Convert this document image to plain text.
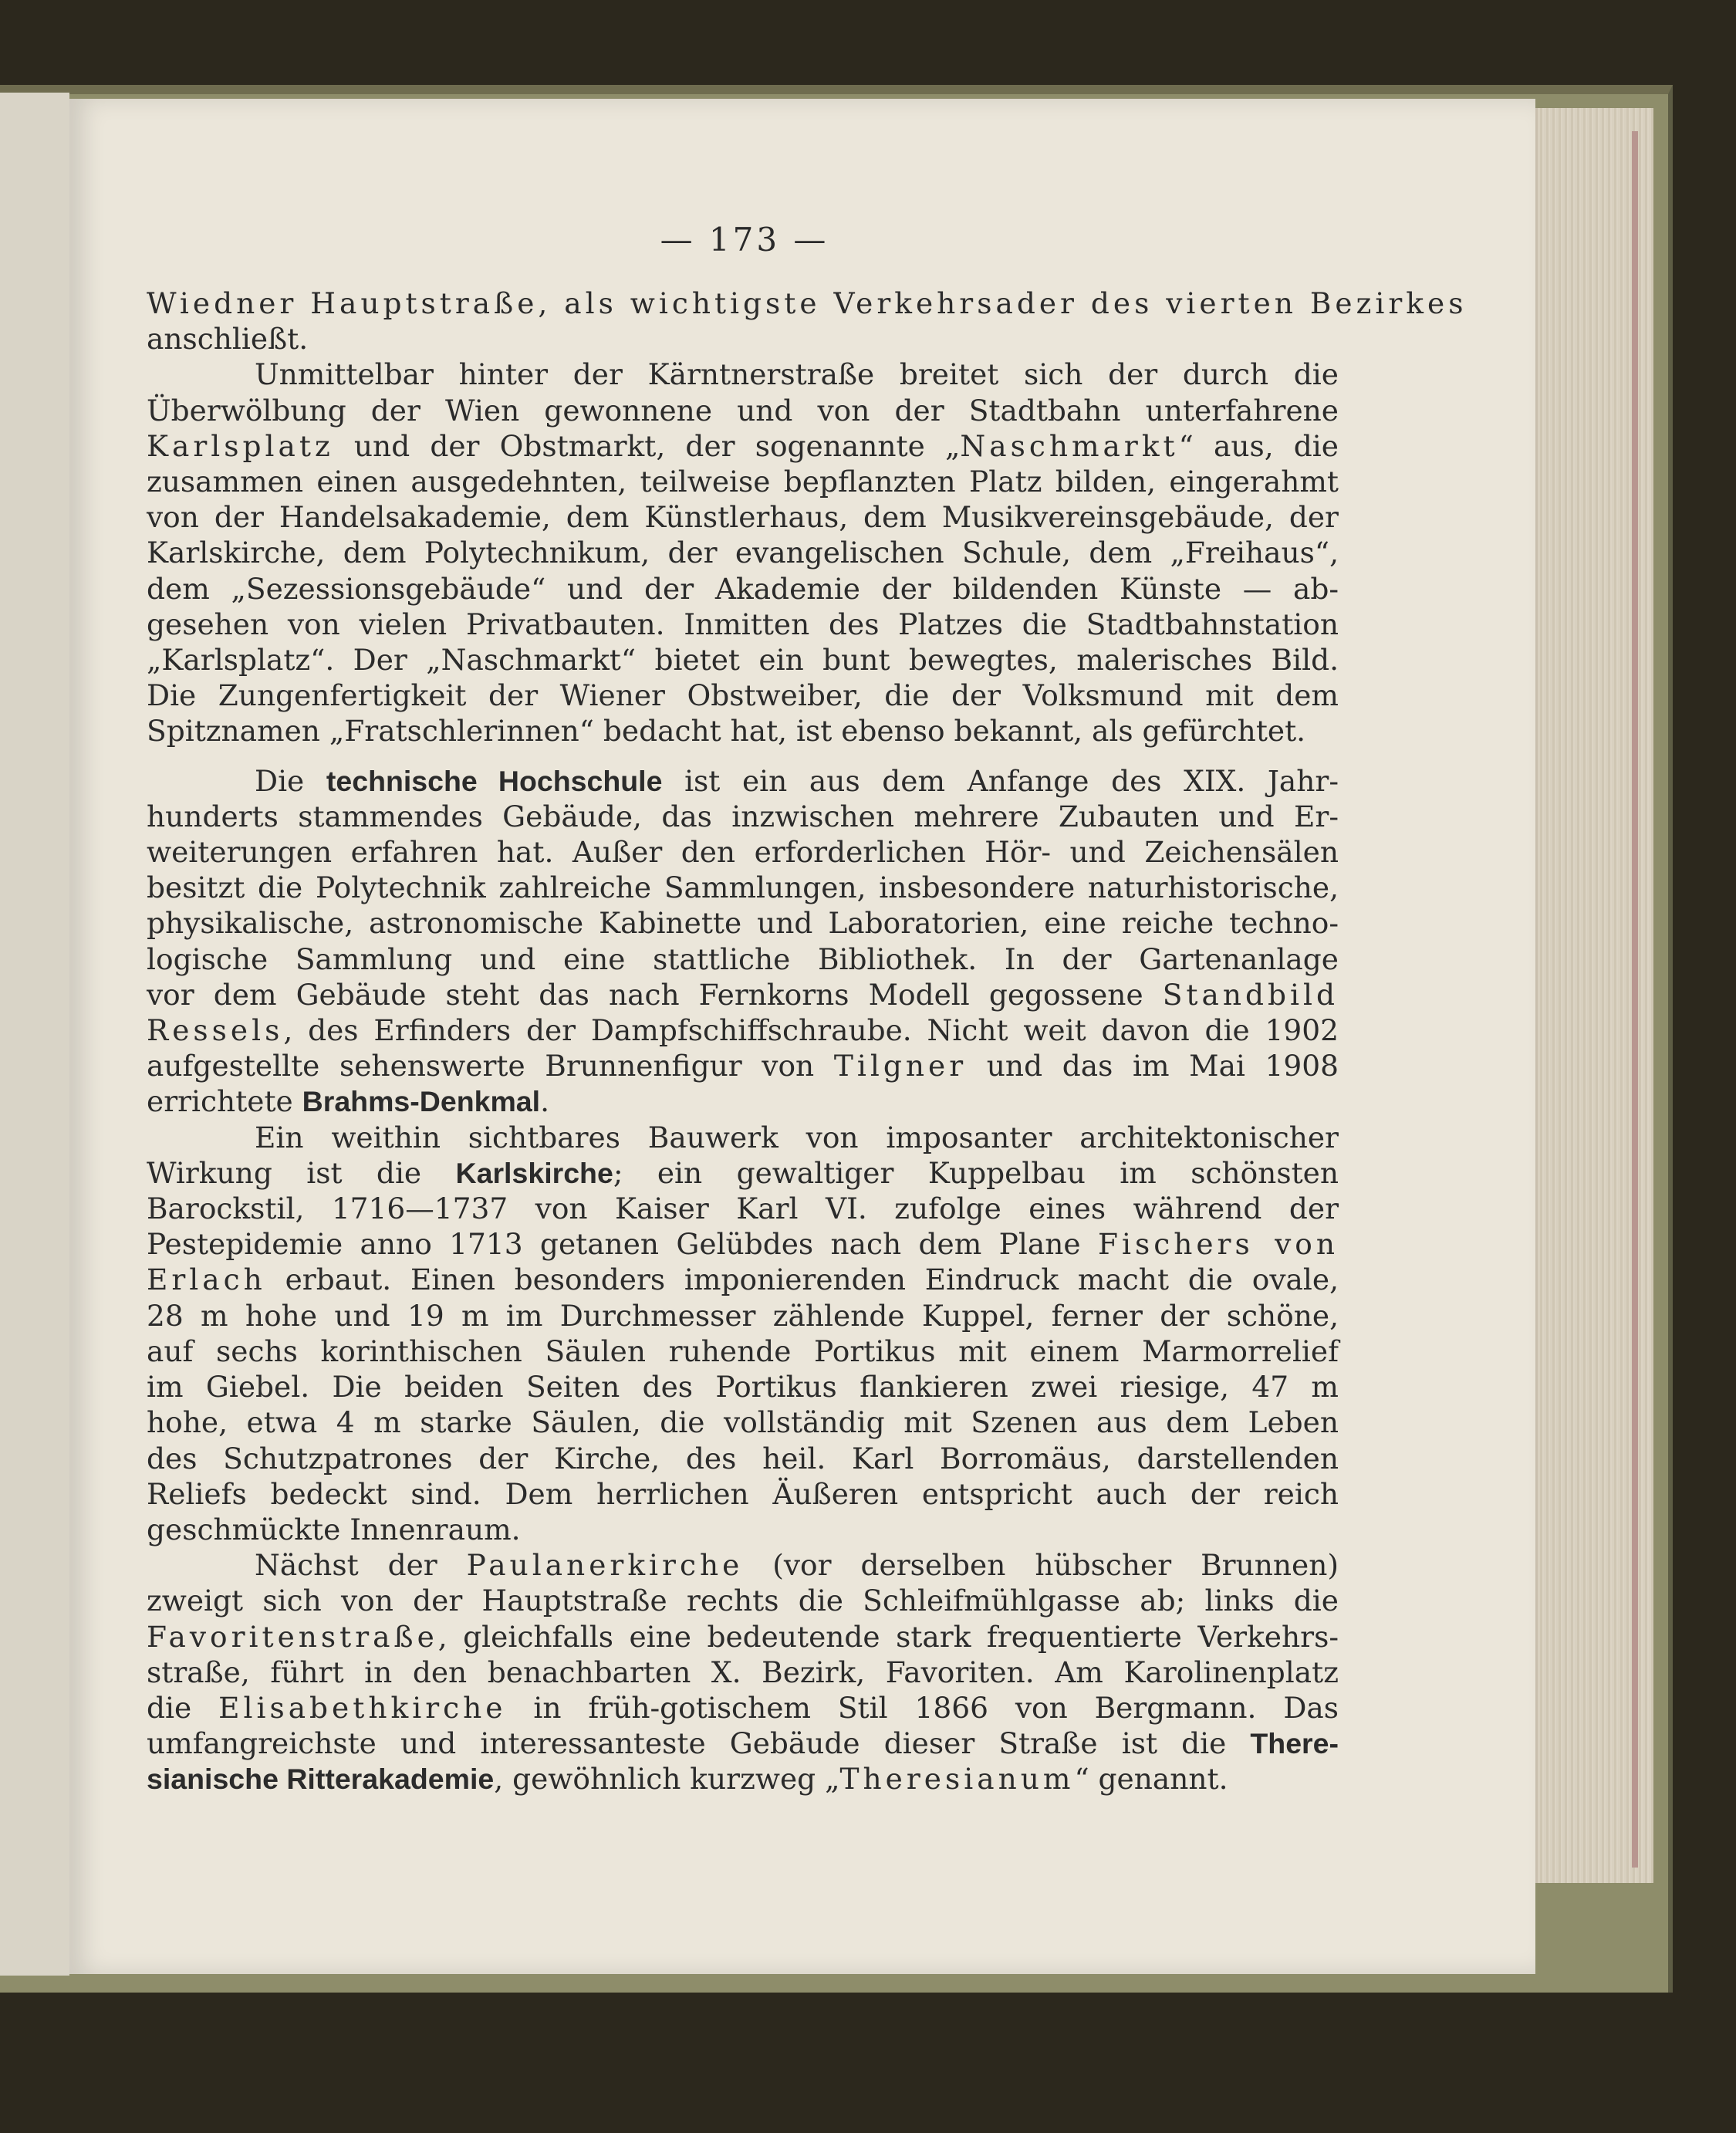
— 173 —
Wiedner Hauptstraße, als wichtigste Verkehrsader des vierten Bezirkes
anschließt.
Unmittelbar hinter der Kärntnerstraße breitet sich der durch die
Überwölbung der Wien gewonnene und von der Stadtbahn unterfahrene
Karlsplatz und der Obstmarkt, der sogenannte „Naschmarkt“ aus, die
zusammen einen ausgedehnten, teilweise bepflanzten Platz bilden, eingerahmt
von der Handelsakademie, dem Künstlerhaus, dem Musikvereinsgebäude, der
Karlskirche, dem Polytechnikum, der evangelischen Schule, dem „Freihaus“,
dem „Sezessionsgebäude“ und der Akademie der bildenden Künste — ab-
gesehen von vielen Privatbauten. Inmitten des Platzes die Stadtbahnstation
„Karlsplatz“. Der „Naschmarkt“ bietet ein bunt bewegtes, malerisches Bild.
Die Zungenfertigkeit der Wiener Obstweiber, die der Volksmund mit dem
Spitznamen „Fratschlerinnen“ bedacht hat, ist ebenso bekannt, als gefürchtet.
Die technische Hochschule ist ein aus dem Anfange des XIX. Jahr-
hunderts stammendes Gebäude, das inzwischen mehrere Zubauten und Er-
weiterungen erfahren hat. Außer den erforderlichen Hör- und Zeichensälen
besitzt die Polytechnik zahlreiche Sammlungen, insbesondere naturhistorische,
physikalische, astronomische Kabinette und Laboratorien, eine reiche techno-
logische Sammlung und eine stattliche Bibliothek. In der Gartenanlage
vor dem Gebäude steht das nach Fernkorns Modell gegossene Standbild
Ressels, des Erfinders der Dampfschiffschraube. Nicht weit davon die 1902
aufgestellte sehenswerte Brunnenfigur von Tilgner und das im Mai 1908
errichtete Brahms-Denkmal.
Ein weithin sichtbares Bauwerk von imposanter architektonischer
Wirkung ist die Karlskirche; ein gewaltiger Kuppelbau im schönsten
Barockstil, 1716—1737 von Kaiser Karl VI. zufolge eines während der
Pestepidemie anno 1713 getanen Gelübdes nach dem Plane Fischers von
Erlach erbaut. Einen besonders imponierenden Eindruck macht die ovale,
28 m hohe und 19 m im Durchmesser zählende Kuppel, ferner der schöne,
auf sechs korinthischen Säulen ruhende Portikus mit einem Marmorrelief
im Giebel. Die beiden Seiten des Portikus flankieren zwei riesige, 47 m
hohe, etwa 4 m starke Säulen, die vollständig mit Szenen aus dem Leben
des Schutzpatrones der Kirche, des heil. Karl Borromäus, darstellenden
Reliefs bedeckt sind. Dem herrlichen Äußeren entspricht auch der reich
geschmückte Innenraum.
Nächst der Paulanerkirche (vor derselben hübscher Brunnen)
zweigt sich von der Hauptstraße rechts die Schleifmühlgasse ab; links die
Favoritenstraße, gleichfalls eine bedeutende stark frequentierte Verkehrs-
straße, führt in den benachbarten X. Bezirk, Favoriten. Am Karolinenplatz
die Elisabethkirche in früh-gotischem Stil 1866 von Bergmann. Das
umfangreichste und interessanteste Gebäude dieser Straße ist die There-
sianische Ritterakademie, gewöhnlich kurzweg „Theresianum“ genannt.
